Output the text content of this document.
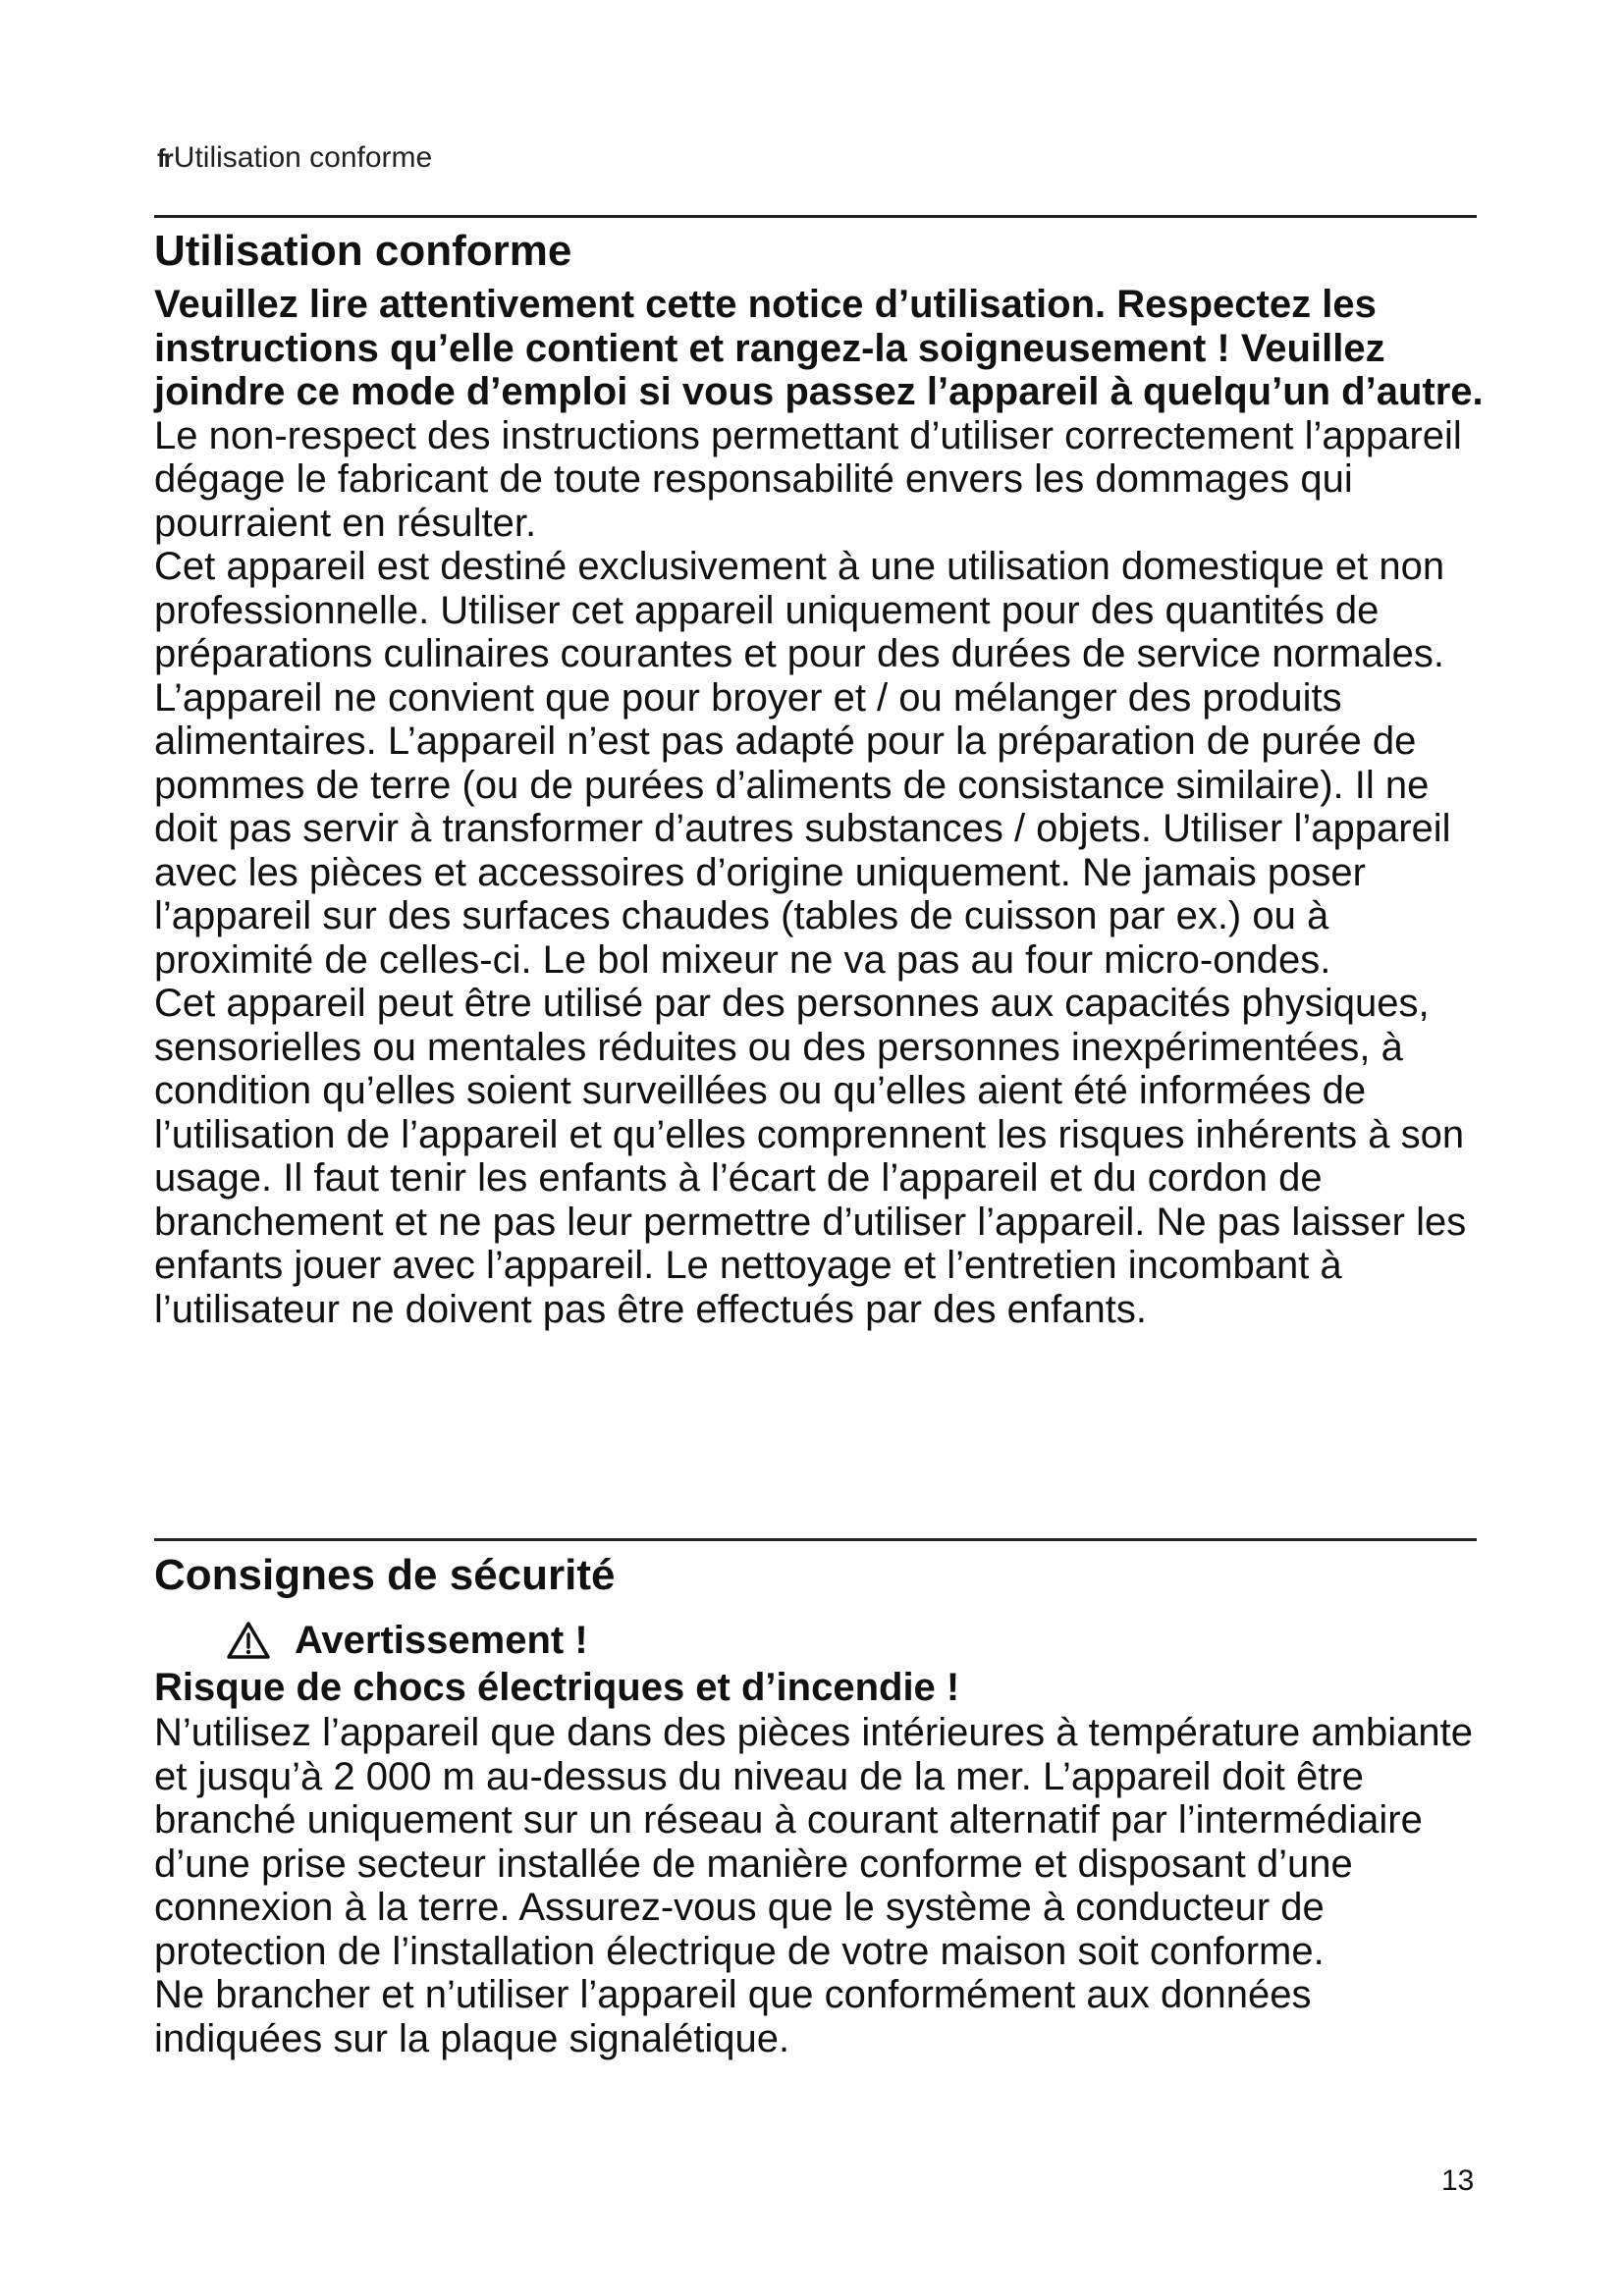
frUtilisation conforme
Utilisation conforme

Veuillez lire attentivement cette notice d’utilisation. Respectez les instructions qu’elle contient et rangez-la soigneusement ! Veuillez joindre ce mode d’emploi si vous passez l’appareil à quelqu’un d’autre.

Le non-respect des instructions permettant d’utiliser correctement l’appareil dégage le fabricant de toute responsabilité envers les dommages qui pourraient en résulter.

Cet appareil est destiné exclusivement à une utilisation domestique et non professionnelle. Utiliser cet appareil uniquement pour des quantités de préparations culinaires courantes et pour des durées de service normales.

L’appareil ne convient que pour broyer et / ou mélanger des produits alimentaires. L’appareil n’est pas adapté pour la préparation de purée de pommes de terre (ou de purées d’aliments de consistance similaire). Il ne doit pas servir à transformer d’autres substances / objets. Utiliser l’appareil avec les pièces et accessoires d’origine uniquement. Ne jamais poser l’appareil sur des surfaces chaudes (tables de cuisson par ex.) ou à proximité de celles-ci. Le bol mixeur ne va pas au four micro-ondes.

Cet appareil peut être utilisé par des personnes aux capacités physiques, sensorielles ou mentales réduites ou des personnes inexpérimentées, à condition qu’elles soient surveillées ou qu’elles aient été informées de l’utilisation de l’appareil et qu’elles comprennent les risques inhérents à son usage. Il faut tenir les enfants à l’écart de l’appareil et du cordon de branchement et ne pas leur permettre d’utiliser l’appareil. Ne pas laisser les enfants jouer avec l’appareil. Le nettoyage et l’entretien incombant à l’utilisateur ne doivent pas être effectués par des enfants.

Consignes de sécurité
Avertissement !

Risque de chocs électriques et d’incendie !

N’utilisez l’appareil que dans des pièces intérieures à température ambiante et jusqu’à 2 000 m au-dessus du niveau de la mer. L’appareil doit être branché uniquement sur un réseau à courant alternatif par l’intermédiaire d’une prise secteur installée de manière conforme et disposant d’une connexion à la terre. Assurez-vous que le système à conducteur de protection de l’installation électrique de votre maison soit conforme.

Ne brancher et n’utiliser l’appareil que conformément aux données indiquées sur la plaque signalétique.

13
